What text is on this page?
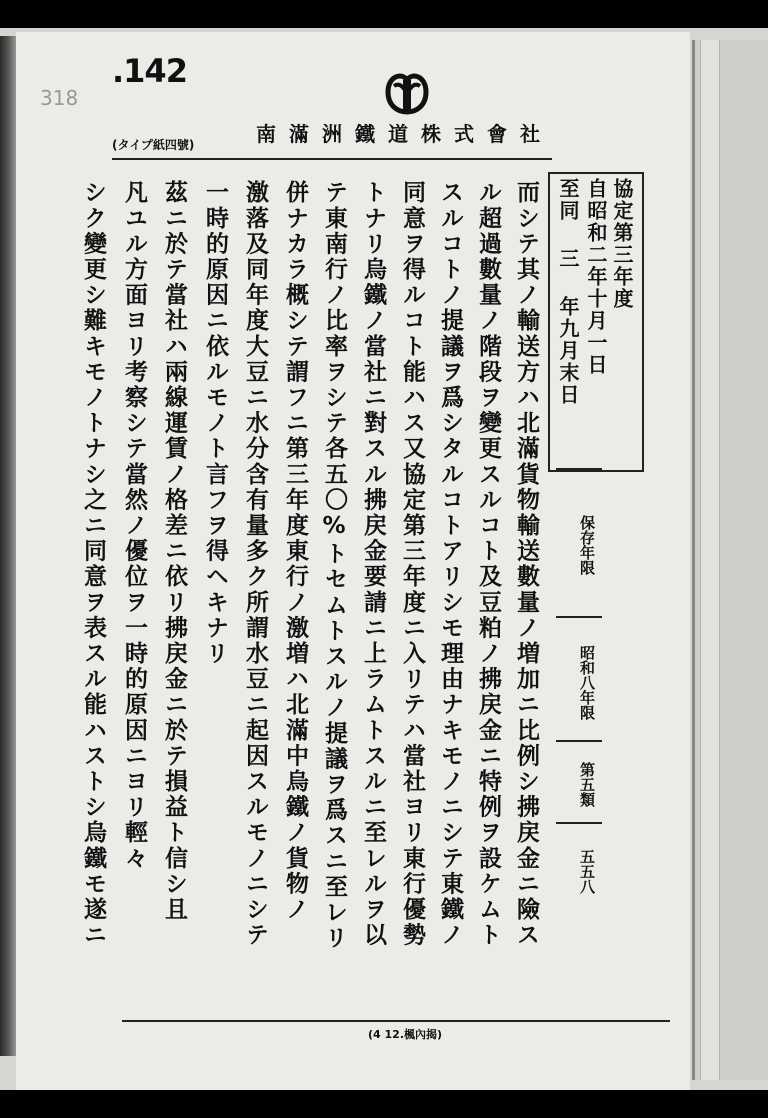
.142
318
南滿洲鐵道株式會社
(タイプ紙四號)
協定第三年度
自昭和二年十月一日
至同 三 年九月末日
而シテ其ノ輸送方ハ北滿貨物輸送數量ノ増加ニ比例シ拂戻金ニ險ス
ル超過數量ノ階段ヲ變更スルコト及豆粕ノ拂戻金ニ特例ヲ設ケムト
スルコトノ提議ヲ爲シタルコトアリシモ理由ナキモノニシテ東鐵ノ
同意ヲ得ルコト能ハス又協定第三年度ニ入リテハ當社ヨリ東行優勢
トナリ烏鐵ノ當社ニ對スル拂戻金要請ニ上ラムトスルニ至レルヲ以
テ東南行ノ比率ヲシテ各五〇%トセムトスルノ提議ヲ爲スニ至レリ
併ナカラ概シテ謂フニ第三年度東行ノ激増ハ北滿中烏鐵ノ貨物ノ
激落及同年度大豆ニ水分含有量多ク所謂水豆ニ起因スルモノニシテ
一時的原因ニ依ルモノト言フヲ得ヘキナリ
茲ニ於テ當社ハ兩線運賃ノ格差ニ依リ拂戻金ニ於テ損益ト信シ且
凡ユル方面ヨリ考察シテ當然ノ優位ヲ一時的原因ニヨリ輕々
シク變更シ難キモノトナシ之ニ同意ヲ表スル能ハストシ烏鐵モ遂ニ	保存年限
昭和八年限
第五類
五五八
(4 12.楓內揭)
